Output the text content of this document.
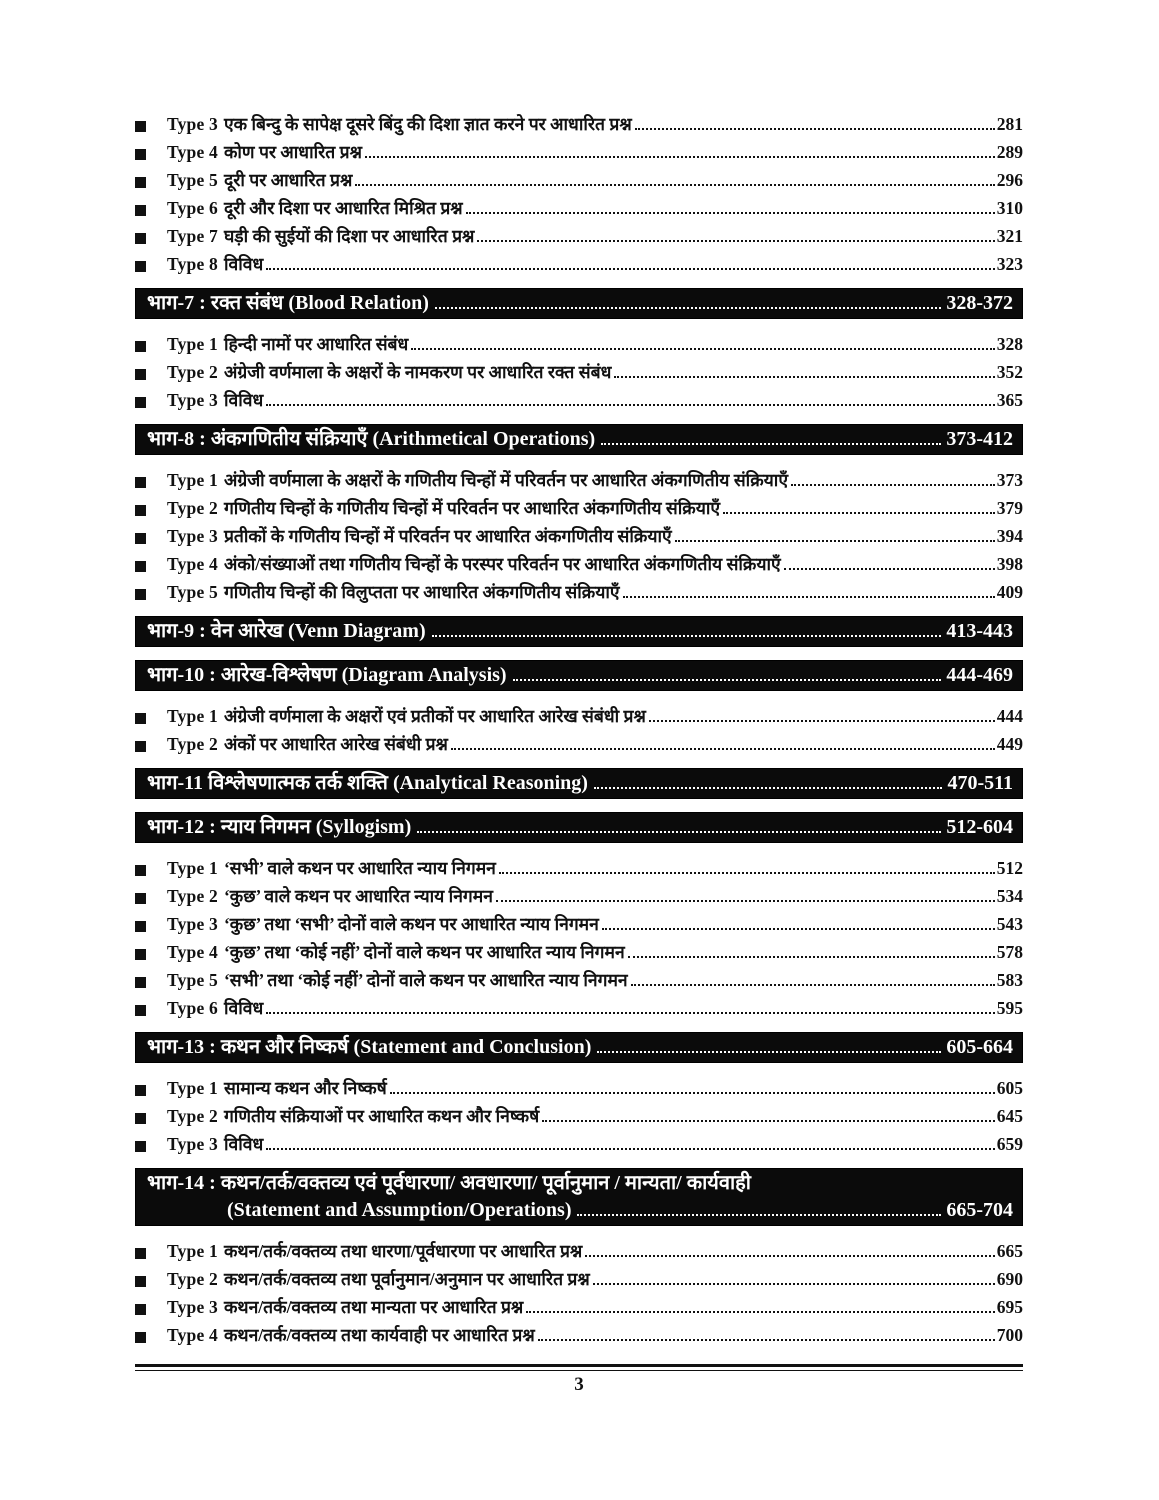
Type 3 एक बिन्दु के सापेक्ष दूसरे बिंदु की दिशा ज्ञात करने पर आधारित प्रश्न	281
Type 4 कोण पर आधारित प्रश्न	289
Type 5 दूरी पर आधारित प्रश्न	296
Type 6 दूरी और दिशा पर आधारित मिश्रित प्रश्न	310
Type 7 घड़ी की सुईयों की दिशा पर आधारित प्रश्न	321
Type 8 विविध	323
भाग-7 : रक्त संबंध (Blood Relation)	328-372
Type 1 हिन्दी नामों पर आधारित संबंध	328
Type 2 अंग्रेजी वर्णमाला के अक्षरों के नामकरण पर आधारित रक्त संबंध	352
Type 3 विविध	365
भाग-8 : अंकगणितीय संक्रियाएँ (Arithmetical Operations)	373-412
Type 1 अंग्रेजी वर्णमाला के अक्षरों के गणितीय चिन्हों में परिवर्तन पर आधारित अंकगणितीय संक्रियाएँ	373
Type 2 गणितीय चिन्हों के गणितीय चिन्हों में परिवर्तन पर आधारित अंकगणितीय संक्रियाएँ	379
Type 3 प्रतीकों के गणितीय चिन्हों में परिवर्तन पर आधारित अंकगणितीय संक्रियाएँ	394
Type 4 अंको/संख्याओं तथा गणितीय चिन्हों के परस्पर परिवर्तन पर आधारित अंकगणितीय संक्रियाएँ	398
Type 5 गणितीय चिन्हों की विलुप्तता पर आधारित अंकगणितीय संक्रियाएँ	409
भाग-9 : वेन आरेख (Venn Diagram)	413-443
भाग-10 : आरेख-विश्लेषण (Diagram Analysis)	444-469
Type 1 अंग्रेजी वर्णमाला के अक्षरों एवं प्रतीकों पर आधारित आरेख संबंधी प्रश्न	444
Type 2 अंकों पर आधारित आरेख संबंधी प्रश्न	449
भाग-11 विश्लेषणात्मक तर्क शक्ति (Analytical Reasoning)	470-511
भाग-12 : न्याय निगमन (Syllogism)	512-604
Type 1 ‘सभी’ वाले कथन पर आधारित न्याय निगमन	512
Type 2 ‘कुछ’ वाले कथन पर आधारित न्याय निगमन	534
Type 3 ‘कुछ’ तथा ‘सभी’ दोनों वाले कथन पर आधारित न्याय निगमन	543
Type 4 ‘कुछ’ तथा ‘कोई नहीं’ दोनों वाले कथन पर आधारित न्याय निगमन	578
Type 5 ‘सभी’ तथा ‘कोई नहीं’ दोनों वाले कथन पर आधारित न्याय निगमन	583
Type 6 विविध	595
भाग-13 : कथन और निष्कर्ष (Statement and Conclusion)	605-664
Type 1 सामान्य कथन और निष्कर्ष	605
Type 2 गणितीय संक्रियाओं पर आधारित कथन और निष्कर्ष	645
Type 3 विविध	659
भाग-14 : कथन/तर्क/वक्तव्य एवं पूर्वधारणा/ अवधारणा/ पूर्वानुमान / मान्यता/ कार्यवाही
(Statement and Assumption/Operations)	665-704
Type 1 कथन/तर्क/वक्तव्य तथा धारणा/पूर्वधारणा पर आधारित प्रश्न	665
Type 2 कथन/तर्क/वक्तव्य तथा पूर्वानुमान/अनुमान पर आधारित प्रश्न	690
Type 3 कथन/तर्क/वक्तव्य तथा मान्यता पर आधारित प्रश्न	695
Type 4 कथन/तर्क/वक्तव्य तथा कार्यवाही पर आधारित प्रश्न	700
3
